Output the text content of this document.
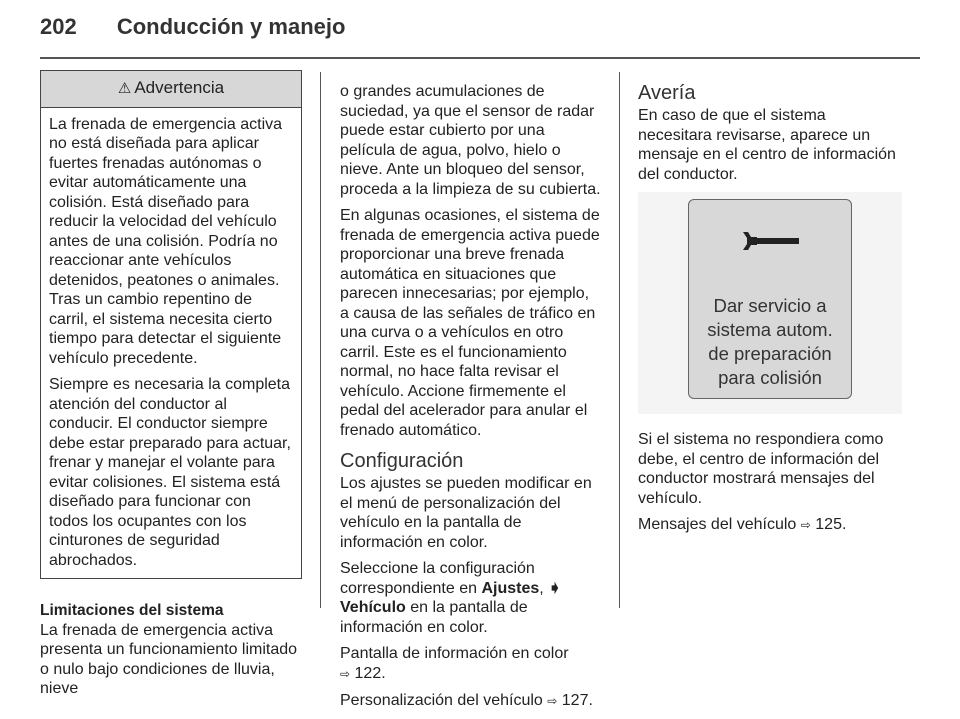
202 Conducción y manejo
⚠ Advertencia

La frenada de emergencia activa no está diseñada para aplicar fuertes frenadas autónomas o evitar automáticamente una colisión. Está diseñado para reducir la velocidad del vehículo antes de una colisión. Podría no reaccionar ante vehículos detenidos, peatones o animales. Tras un cambio repentino de carril, el sistema necesita cierto tiempo para detectar el siguiente vehículo precedente.

Siempre es necesaria la completa atención del conductor al conducir. El conductor siempre debe estar preparado para actuar, frenar y manejar el volante para evitar colisiones. El sistema está diseñado para funcionar con todos los ocupantes con los cinturones de seguridad abrochados.

Limitaciones del sistema

La frenada de emergencia activa presenta un funcionamiento limitado o nulo bajo condiciones de lluvia, nieve

o grandes acumulaciones de suciedad, ya que el sensor de radar puede estar cubierto por una película de agua, polvo, hielo o nieve. Ante un bloqueo del sensor, proceda a la limpieza de su cubierta.

En algunas ocasiones, el sistema de frenada de emergencia activa puede proporcionar una breve frenada automática en situaciones que parecen innecesarias; por ejemplo, a causa de las señales de tráfico en una curva o a vehículos en otro carril. Este es el funcionamiento normal, no hace falta revisar el vehículo. Accione firmemente el pedal del acelerador para anular el frenado automático.

Configuración

Los ajustes se pueden modificar en el menú de personalización del vehículo en la pantalla de información en color.

Seleccione la configuración correspondiente en Ajustes, ➧ Vehículo en la pantalla de información en color.

Pantalla de información en color
⇨ 122.

Personalización del vehículo ⇨ 127.

Avería

En caso de que el sistema necesitara revisarse, aparece un mensaje en el centro de información del conductor.

Dar servicio a
sistema autom.
de preparación
para colisión

Si el sistema no respondiera como debe, el centro de información del conductor mostrará mensajes del vehículo.

Mensajes del vehículo ⇨ 125.
